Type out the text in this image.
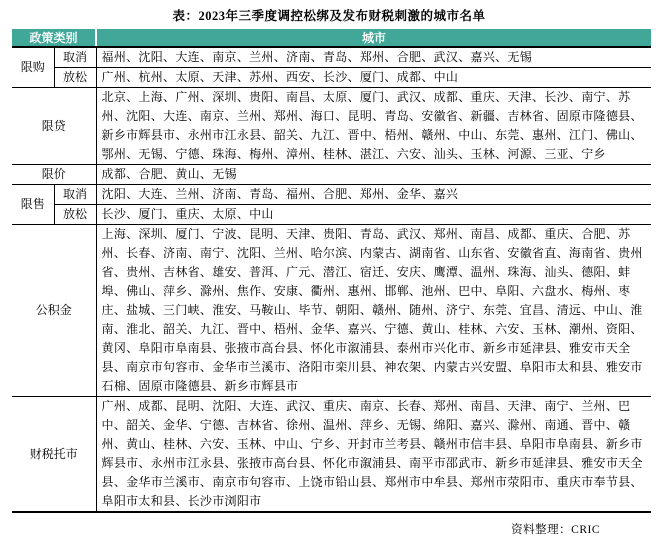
表：2023年三季度调控松绑及发布财税刺激的城市名单
政策类别		城市
限购	取消	福州、沈阳、大连、南京、兰州、济南、青岛、郑州、合肥、武汉、嘉兴、无锡
	放松	广州、杭州、太原、天津、苏州、西安、长沙、厦门、成都、中山
限贷		北京、上海、广州、深圳、贵阳、南昌、太原、厦门、武汉、成都、重庆、天津、长沙、南宁、苏州、沈阳、大连、南京、兰州、郑州、海口、昆明、青岛、安徽省、新疆、吉林省、固原市隆德县、新乡市辉县市、永州市江永县、韶关、九江、晋中、梧州、赣州、中山、东莞、惠州、江门、佛山、鄂州、无锡、宁德、珠海、梅州、漳州、桂林、湛江、六安、汕头、玉林、河源、三亚、宁乡
限价		成都、合肥、黄山、无锡
限售	取消	沈阳、大连、兰州、济南、青岛、福州、合肥、郑州、金华、嘉兴
	放松	长沙、厦门、重庆、太原、中山
公积金		上海、深圳、厦门、宁波、昆明、天津、贵阳、青岛、武汉、郑州、南昌、成都、重庆、合肥、苏州、长春、济南、南宁、沈阳、兰州、哈尔滨、内蒙古、湖南省、山东省、安徽省直、海南省、贵州省、贵州、吉林省、雄安、普洱、广元、潜江、宿迁、安庆、鹰潭、温州、珠海、汕头、德阳、蚌埠、佛山、萍乡、滁州、焦作、安康、衢州、惠州、邯郸、池州、巴中、阜阳、六盘水、梅州、枣庄、盐城、三门峡、淮安、马鞍山、毕节、朝阳、赣州、随州、济宁、东莞、宜昌、清远、中山、淮南、淮北、韶关、九江、晋中、梧州、金华、嘉兴、宁德、黄山、桂林、六安、玉林、潮州、资阳、黄冈、阜阳市阜南县、张掖市高台县、怀化市溆浦县、泰州市兴化市、新乡市延津县、雅安市天全县、南京市句容市、金华市兰溪市、洛阳市栾川县、神农架、内蒙古兴安盟、阜阳市太和县、雅安市石棉、固原市隆德县、新乡市辉县市
财税托市		广州、成都、昆明、沈阳、大连、武汉、重庆、南京、长春、郑州、南昌、天津、南宁、兰州、巴中、韶关、金华、宁德、吉林省、徐州、温州、萍乡、无锡、绵阳、嘉兴、滁州、南通、晋中、赣州、黄山、桂林、六安、玉林、中山、宁乡、开封市兰考县、赣州市信丰县、阜阳市阜南县、新乡市辉县市、永州市江永县、张掖市高台县、怀化市溆浦县、南平市邵武市、新乡市延津县、雅安市天全县、金华市兰溪市、南京市句容市、上饶市铅山县、郑州市中牟县、郑州市荥阳市、重庆市奉节县、阜阳市太和县、长沙市浏阳市
资料整理：CRIC
